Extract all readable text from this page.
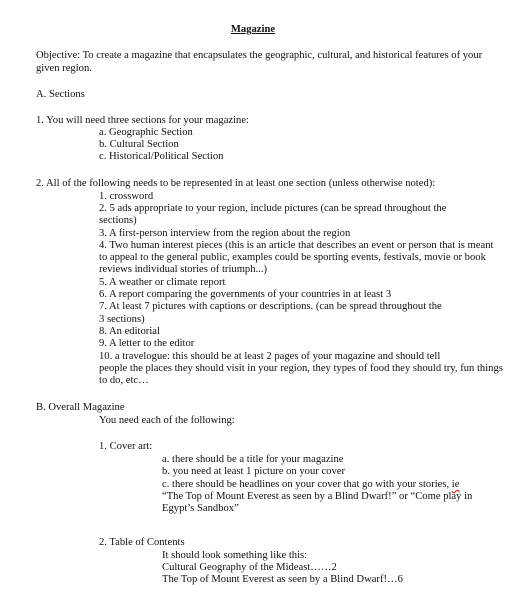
Magazine
Objective: To create a magazine that encapsulates the geographic, cultural, and historical features of your
given region.
A. Sections
1. You will need three sections for your magazine:
a. Geographic Section
b. Cultural Section
c. Historical/Political Section
2. All of the following needs to be represented in at least one section (unless otherwise noted):
1. crossword
2. 5 ads appropriate to your region, include pictures (can be spread throughout the
sections)
3. A first-person interview from the region about the region
4. Two human interest pieces (this is an article that describes an event or person that is meant
to appeal to the general public, examples could be sporting events, festivals, movie or book
reviews individual stories of triumph...)
5. A weather or climate report
6. A report comparing the governments of your countries in at least 3
7. At least 7 pictures with captions or descriptions. (can be spread throughout the
3 sections)
8. An editorial
9. A letter to the editor
10. a travelogue: this should be at least 2 pages of your magazine and should tell
people the places they should visit in your region, they types of food they should try, fun things
to do, etc…
B. Overall Magazine
You need each of the following:
1. Cover art:
a. there should be a title for your magazine
b. you need at least 1 picture on your cover
c. there should be headlines on your cover that go with your stories, ie
“The Top of Mount Everest as seen by a Blind Dwarf!” or “Come play in
Egypt’s Sandbox”
2. Table of Contents
It should look something like this:
Cultural Geography of the Mideast……2
The Top of Mount Everest as seen by a Blind Dwarf!…6
